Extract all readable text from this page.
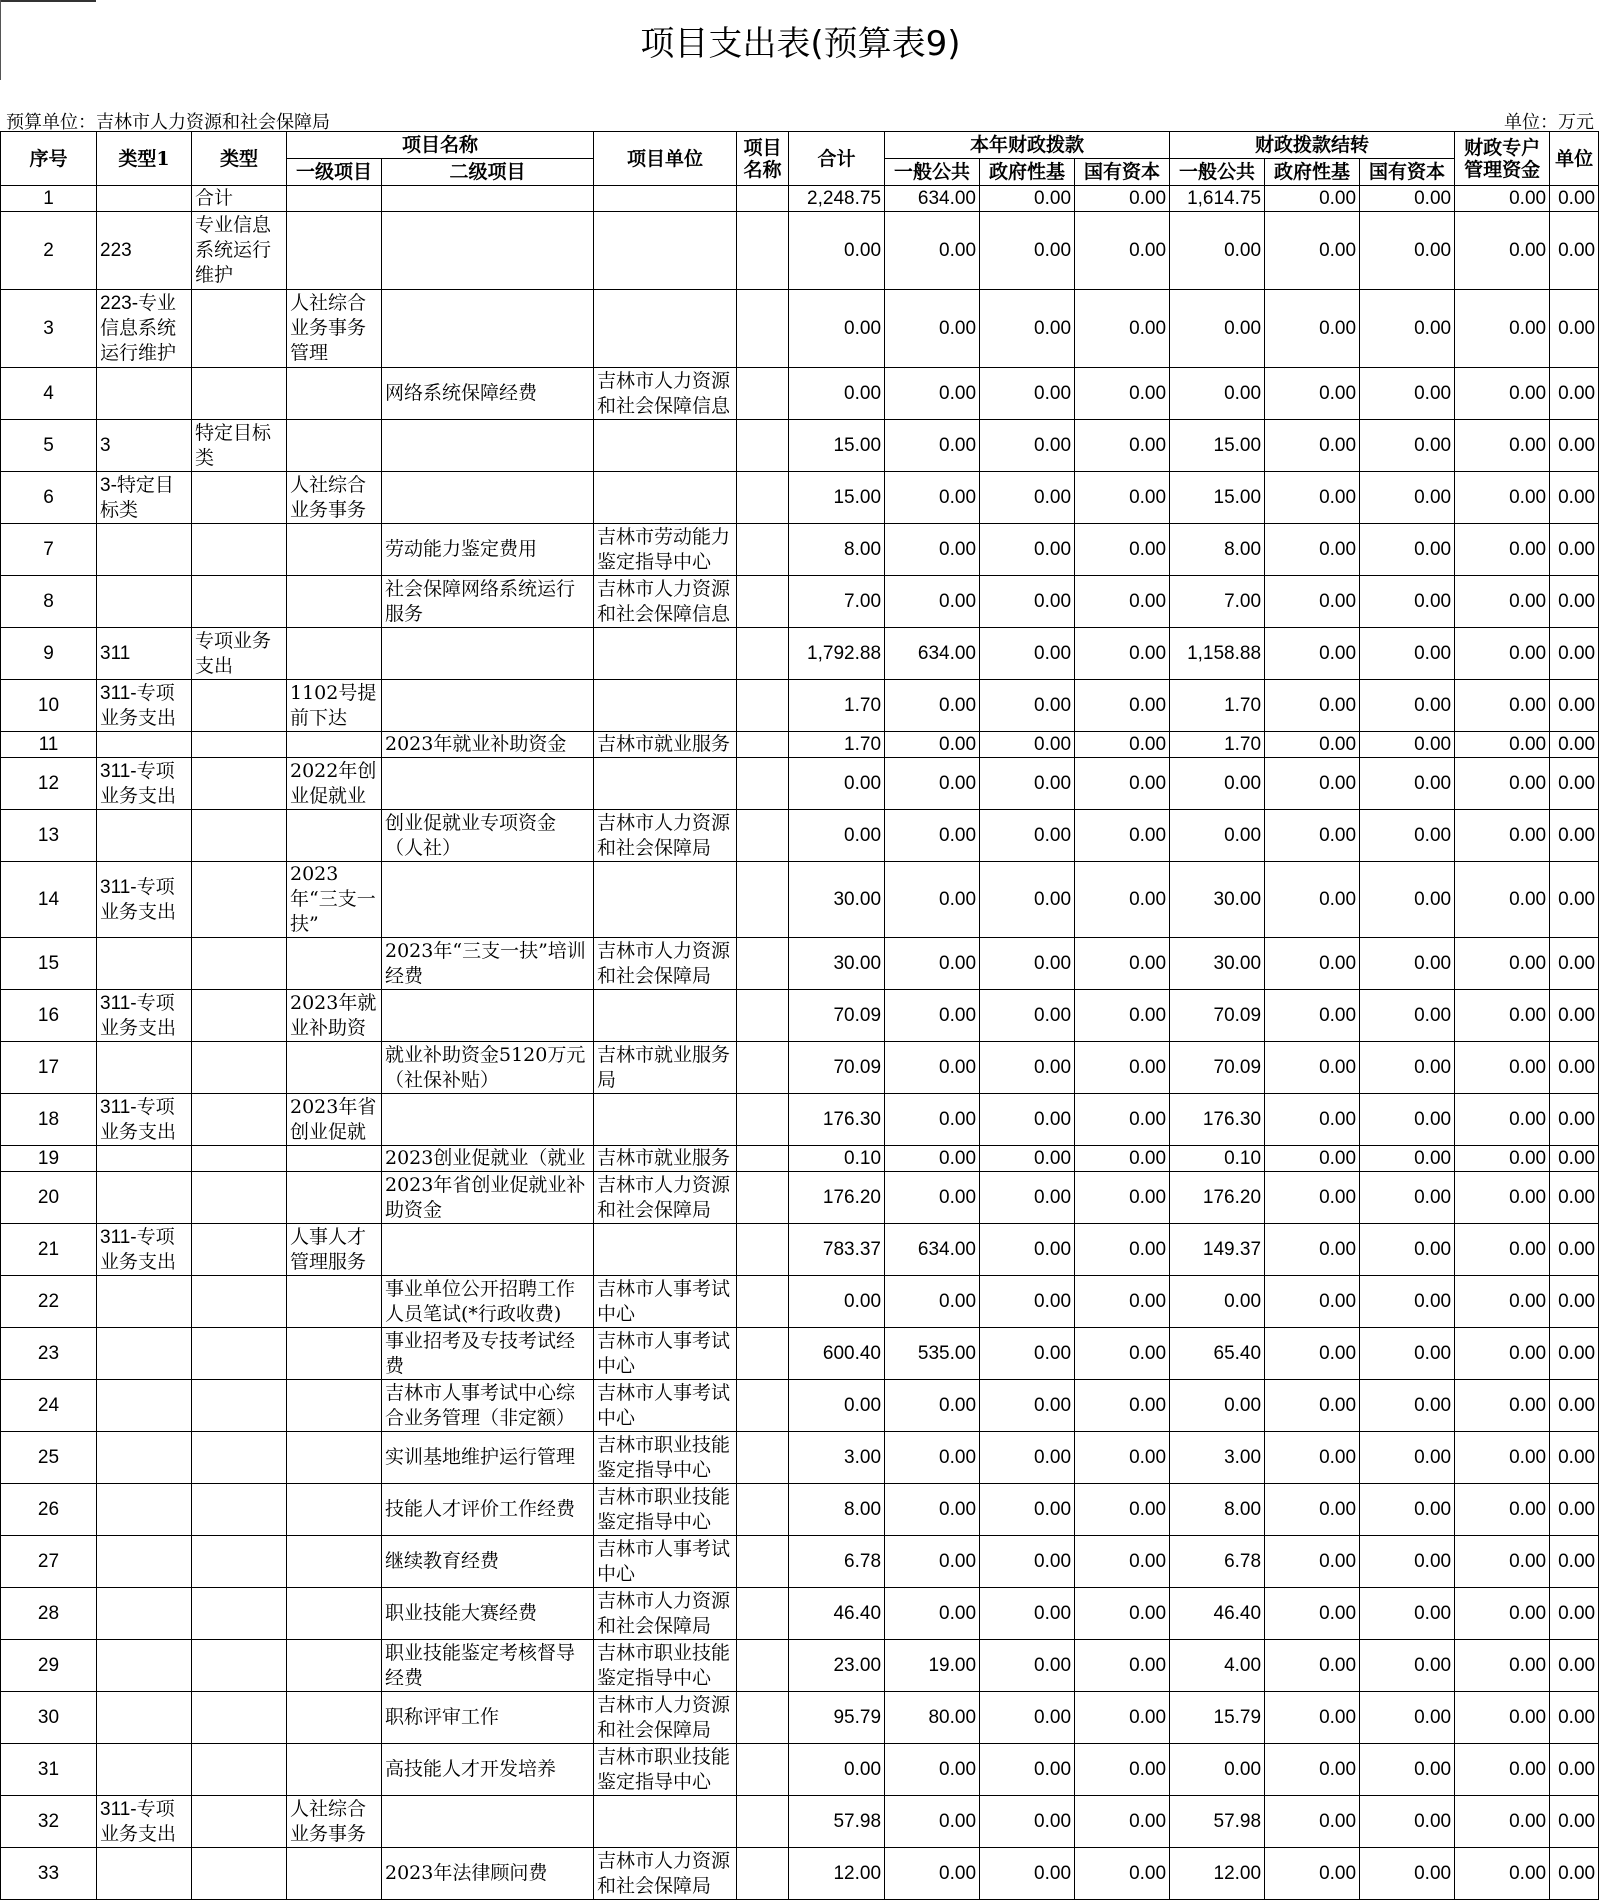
项目支出表(预算表9)
预算单位：吉林市人力资源和社会保障局	单位：万元
序号	类型1	类型	项目名称		项目单位	项目名称	合计	本年财政拨款			财政拨款结转			财政专户管理资金	单位
			一级项目	二级项目				一般公共	政府性基	国有资本	一般公共	政府性基	国有资本		
1		合计					2,248.75	634.00	0.00	0.00	1,614.75	0.00	0.00	0.00	0.00
2	223	专业信息系统运行维护					0.00	0.00	0.00	0.00	0.00	0.00	0.00	0.00	0.00
3	223-专业信息系统运行维护		人社综合业务事务管理				0.00	0.00	0.00	0.00	0.00	0.00	0.00	0.00	0.00
4				网络系统保障经费	吉林市人力资源和社会保障信息		0.00	0.00	0.00	0.00	0.00	0.00	0.00	0.00	0.00
5	3	特定目标类					15.00	0.00	0.00	0.00	15.00	0.00	0.00	0.00	0.00
6	3-特定目标类		人社综合业务事务				15.00	0.00	0.00	0.00	15.00	0.00	0.00	0.00	0.00
7				劳动能力鉴定费用	吉林市劳动能力鉴定指导中心		8.00	0.00	0.00	0.00	8.00	0.00	0.00	0.00	0.00
8				社会保障网络系统运行服务	吉林市人力资源和社会保障信息		7.00	0.00	0.00	0.00	7.00	0.00	0.00	0.00	0.00
9	311	专项业务支出					1,792.88	634.00	0.00	0.00	1,158.88	0.00	0.00	0.00	0.00
10	311-专项业务支出		1102号提前下达				1.70	0.00	0.00	0.00	1.70	0.00	0.00	0.00	0.00
11				2023年就业补助资金	吉林市就业服务		1.70	0.00	0.00	0.00	1.70	0.00	0.00	0.00	0.00
12	311-专项业务支出		2022年创业促就业				0.00	0.00	0.00	0.00	0.00	0.00	0.00	0.00	0.00
13				创业促就业专项资金（人社）	吉林市人力资源和社会保障局		0.00	0.00	0.00	0.00	0.00	0.00	0.00	0.00	0.00
14	311-专项业务支出		2023年“三支一扶”				30.00	0.00	0.00	0.00	30.00	0.00	0.00	0.00	0.00
15				2023年“三支一扶”培训经费	吉林市人力资源和社会保障局		30.00	0.00	0.00	0.00	30.00	0.00	0.00	0.00	0.00
16	311-专项业务支出		2023年就业补助资				70.09	0.00	0.00	0.00	70.09	0.00	0.00	0.00	0.00
17				就业补助资金5120万元（社保补贴）	吉林市就业服务局		70.09	0.00	0.00	0.00	70.09	0.00	0.00	0.00	0.00
18	311-专项业务支出		2023年省创业促就				176.30	0.00	0.00	0.00	176.30	0.00	0.00	0.00	0.00
19				2023创业促就业（就业	吉林市就业服务		0.10	0.00	0.00	0.00	0.10	0.00	0.00	0.00	0.00
20				2023年省创业促就业补助资金	吉林市人力资源和社会保障局		176.20	0.00	0.00	0.00	176.20	0.00	0.00	0.00	0.00
21	311-专项业务支出		人事人才管理服务				783.37	634.00	0.00	0.00	149.37	0.00	0.00	0.00	0.00
22				事业单位公开招聘工作人员笔试(*行政收费)	吉林市人事考试中心		0.00	0.00	0.00	0.00	0.00	0.00	0.00	0.00	0.00
23				事业招考及专技考试经费	吉林市人事考试中心		600.40	535.00	0.00	0.00	65.40	0.00	0.00	0.00	0.00
24				吉林市人事考试中心综合业务管理（非定额）	吉林市人事考试中心		0.00	0.00	0.00	0.00	0.00	0.00	0.00	0.00	0.00
25				实训基地维护运行管理	吉林市职业技能鉴定指导中心		3.00	0.00	0.00	0.00	3.00	0.00	0.00	0.00	0.00
26				技能人才评价工作经费	吉林市职业技能鉴定指导中心		8.00	0.00	0.00	0.00	8.00	0.00	0.00	0.00	0.00
27				继续教育经费	吉林市人事考试中心		6.78	0.00	0.00	0.00	6.78	0.00	0.00	0.00	0.00
28				职业技能大赛经费	吉林市人力资源和社会保障局		46.40	0.00	0.00	0.00	46.40	0.00	0.00	0.00	0.00
29				职业技能鉴定考核督导经费	吉林市职业技能鉴定指导中心		23.00	19.00	0.00	0.00	4.00	0.00	0.00	0.00	0.00
30				职称评审工作	吉林市人力资源和社会保障局		95.79	80.00	0.00	0.00	15.79	0.00	0.00	0.00	0.00
31				高技能人才开发培养	吉林市职业技能鉴定指导中心		0.00	0.00	0.00	0.00	0.00	0.00	0.00	0.00	0.00
32	311-专项业务支出		人社综合业务事务				57.98	0.00	0.00	0.00	57.98	0.00	0.00	0.00	0.00
33				2023年法律顾问费	吉林市人力资源和社会保障局		12.00	0.00	0.00	0.00	12.00	0.00	0.00	0.00	0.00
